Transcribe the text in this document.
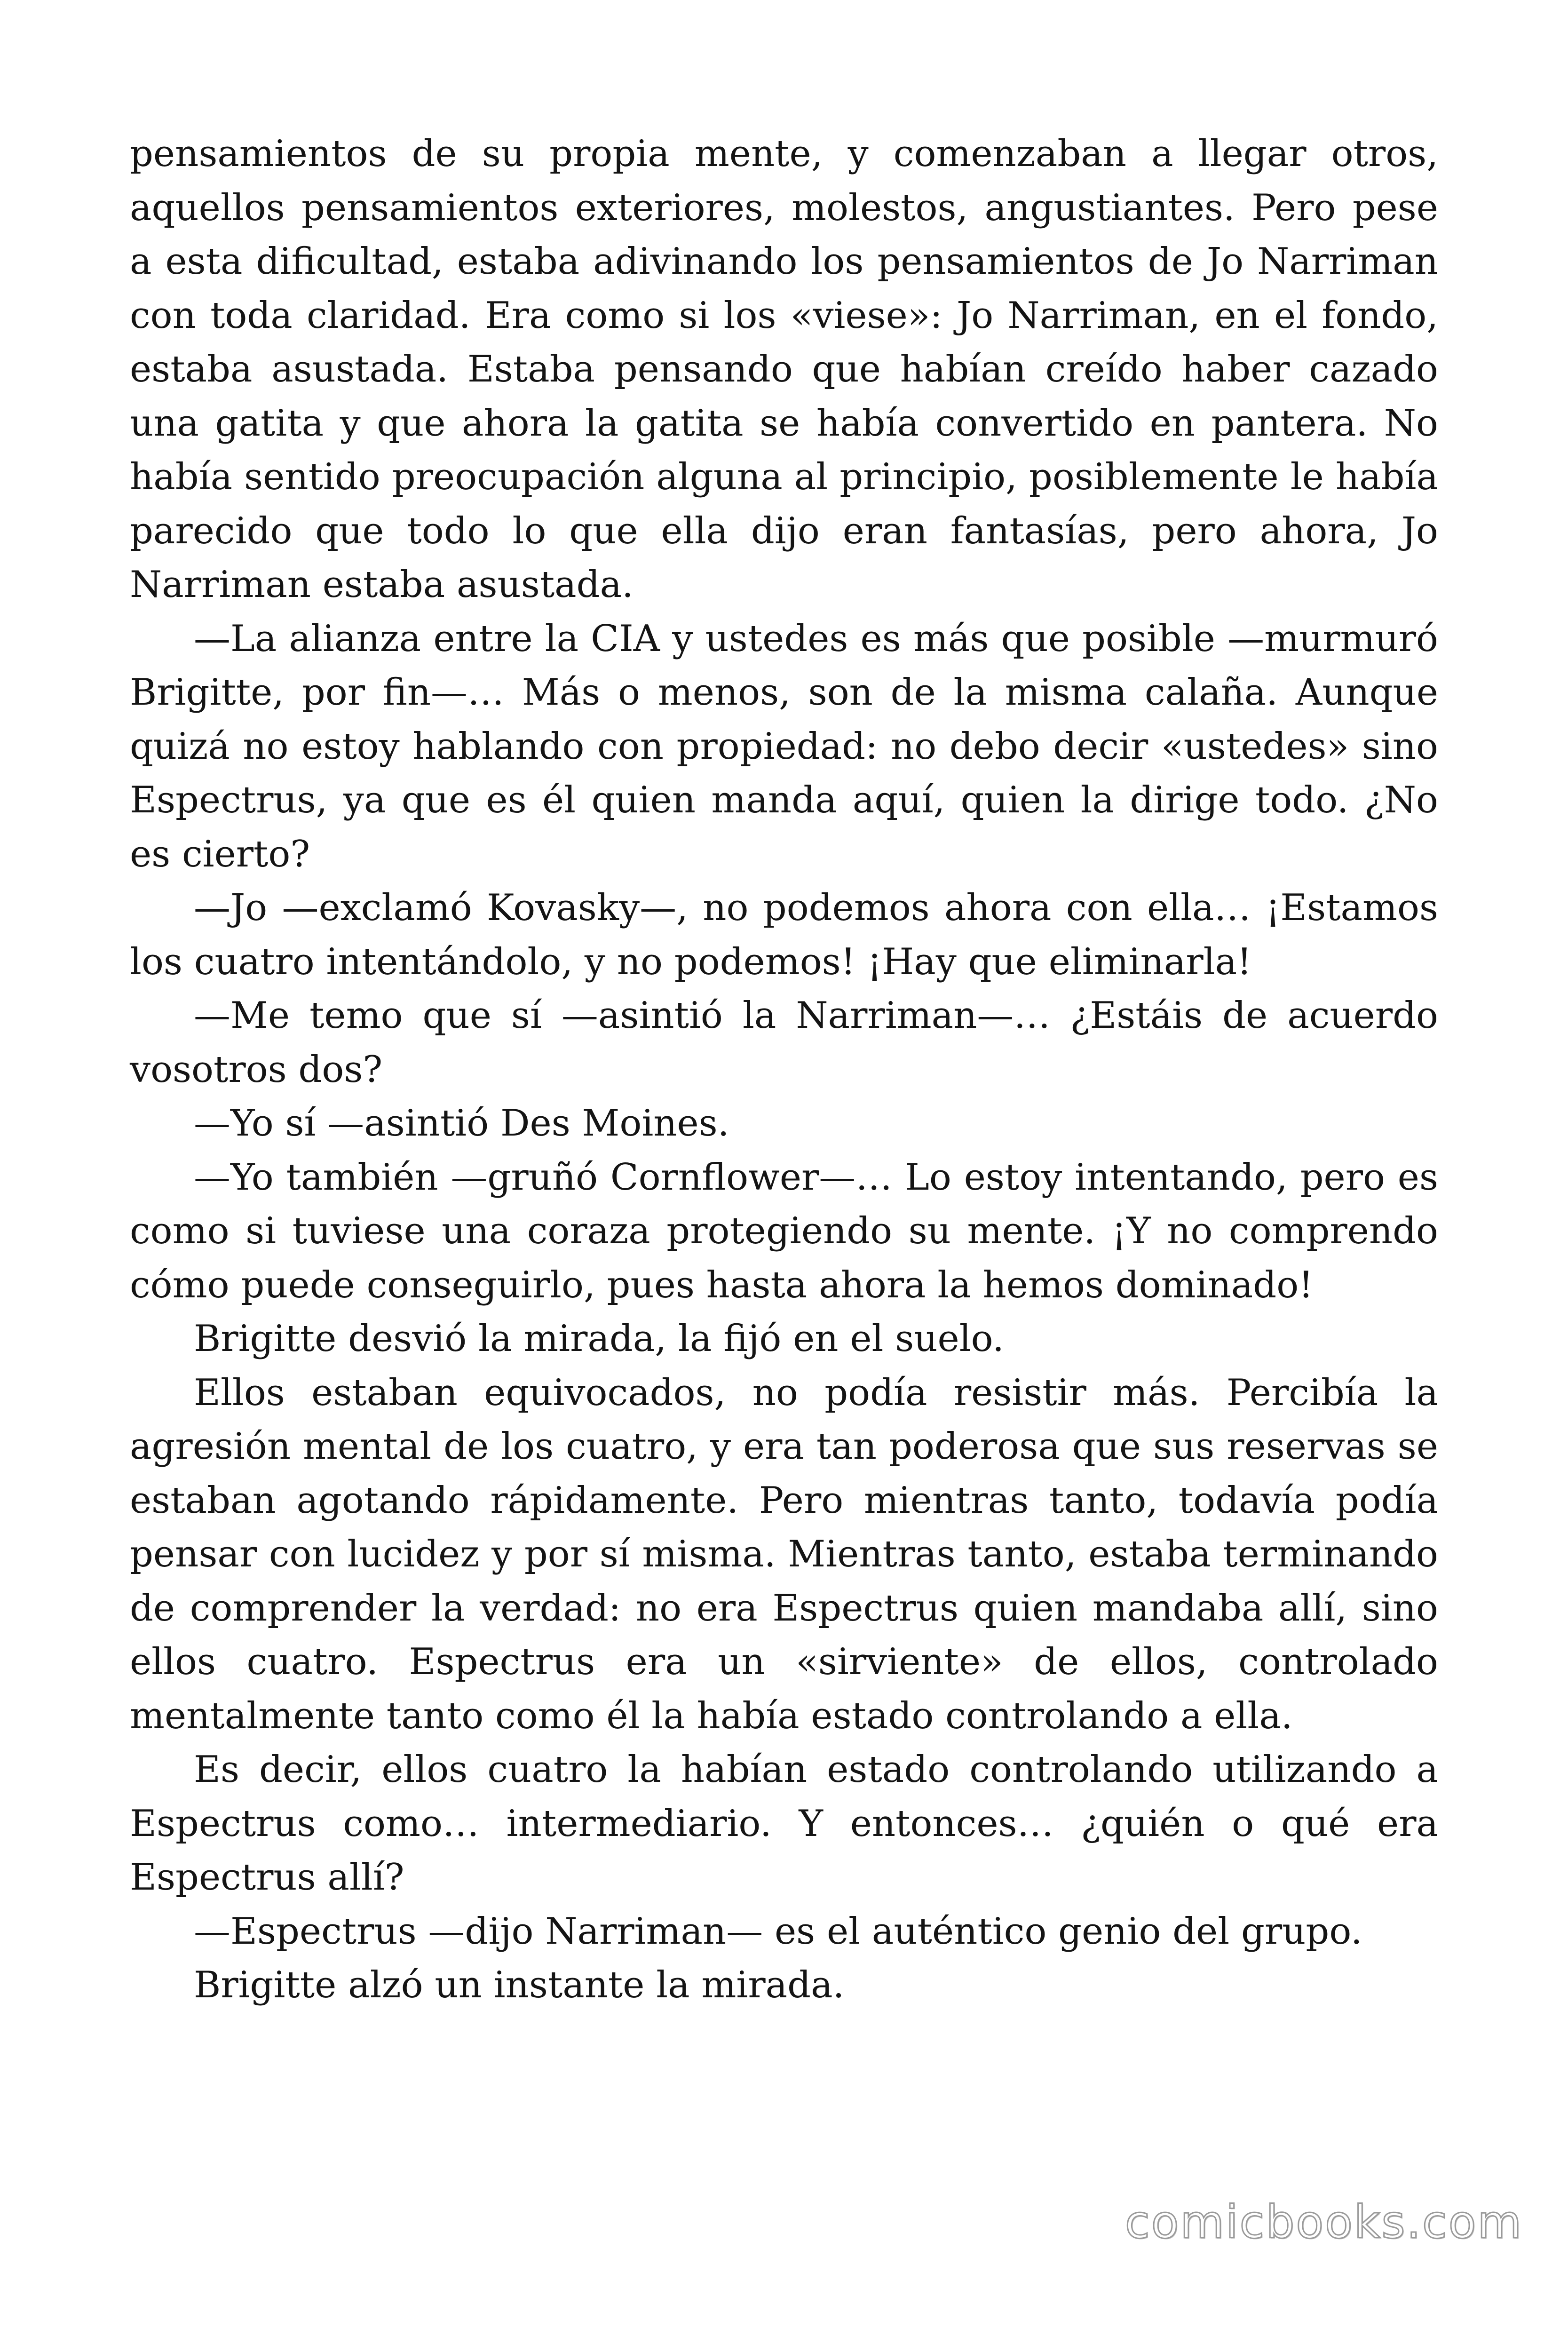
pensamientos de su propia mente, y comenzaban a llegar otros, aquellos pensamientos exteriores, molestos, angustiantes. Pero pese a esta dificultad, estaba adivinando los pensamientos de Jo Narriman con toda claridad. Era como si los «viese»: Jo Narriman, en el fondo, estaba asustada. Estaba pensando que habían creído haber cazado una gatita y que ahora la gatita se había convertido en pantera. No había sentido preocupación alguna al principio, posiblemente le había parecido que todo lo que ella dijo eran fantasías, pero ahora, Jo Narriman estaba asustada.

—La alianza entre la CIA y ustedes es más que posible —murmuró Brigitte, por fin—… Más o menos, son de la misma calaña. Aunque quizá no estoy hablando con propiedad: no debo decir «ustedes» sino Espectrus, ya que es él quien manda aquí, quien la dirige todo. ¿No es cierto?

—Jo —exclamó Kovasky—, no podemos ahora con ella… ¡Estamos los cuatro intentándolo, y no podemos! ¡Hay que eliminarla!

—Me temo que sí —asintió la Narriman—… ¿Estáis de acuerdo vosotros dos?

—Yo sí —asintió Des Moines.

—Yo también —gruñó Cornflower—… Lo estoy intentando, pero es como si tuviese una coraza protegiendo su mente. ¡Y no comprendo cómo puede conseguirlo, pues hasta ahora la hemos dominado!

Brigitte desvió la mirada, la fijó en el suelo.

Ellos estaban equivocados, no podía resistir más. Percibía la agresión mental de los cuatro, y era tan poderosa que sus reservas se estaban agotando rápidamente. Pero mientras tanto, todavía podía pensar con lucidez y por sí misma. Mientras tanto, estaba terminando de comprender la verdad: no era Espectrus quien mandaba allí, sino ellos cuatro. Espectrus era un «sirviente» de ellos, controlado mentalmente tanto como él la había estado controlando a ella.

Es decir, ellos cuatro la habían estado controlando utilizando a Espectrus como… intermediario. Y entonces… ¿quién o qué era Espectrus allí?

—Espectrus —dijo Narriman— es el auténtico genio del grupo.

Brigitte alzó un instante la mirada.

comicbooks.com
